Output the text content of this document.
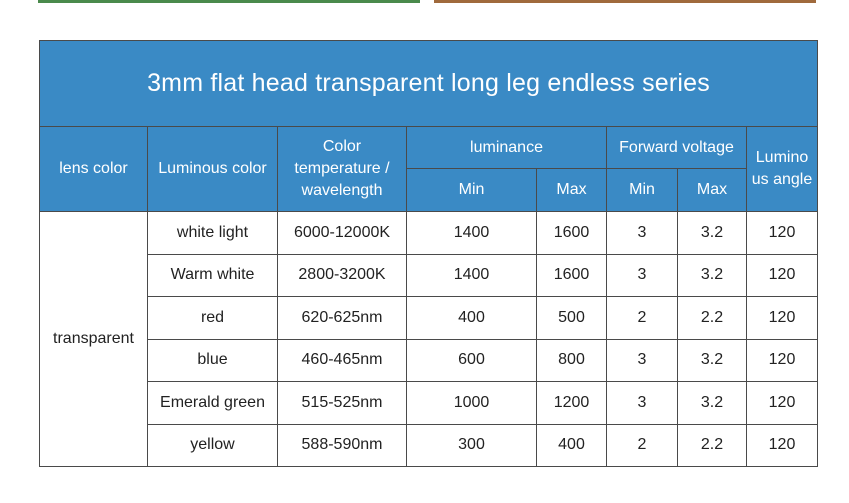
3mm flat head transparent long leg endless series							
lens color	Luminous color	Color temperature / wavelength	luminance		Forward voltage		Lumino us angle
			Min	Max	Min	Max	
transparent	white light	6000-12000K	1400	1600	3	3.2	120
	Warm white	2800-3200K	1400	1600	3	3.2	120
	red	620-625nm	400	500	2	2.2	120
	blue	460-465nm	600	800	3	3.2	120
	Emerald green	515-525nm	1000	1200	3	3.2	120
	yellow	588-590nm	300	400	2	2.2	120
